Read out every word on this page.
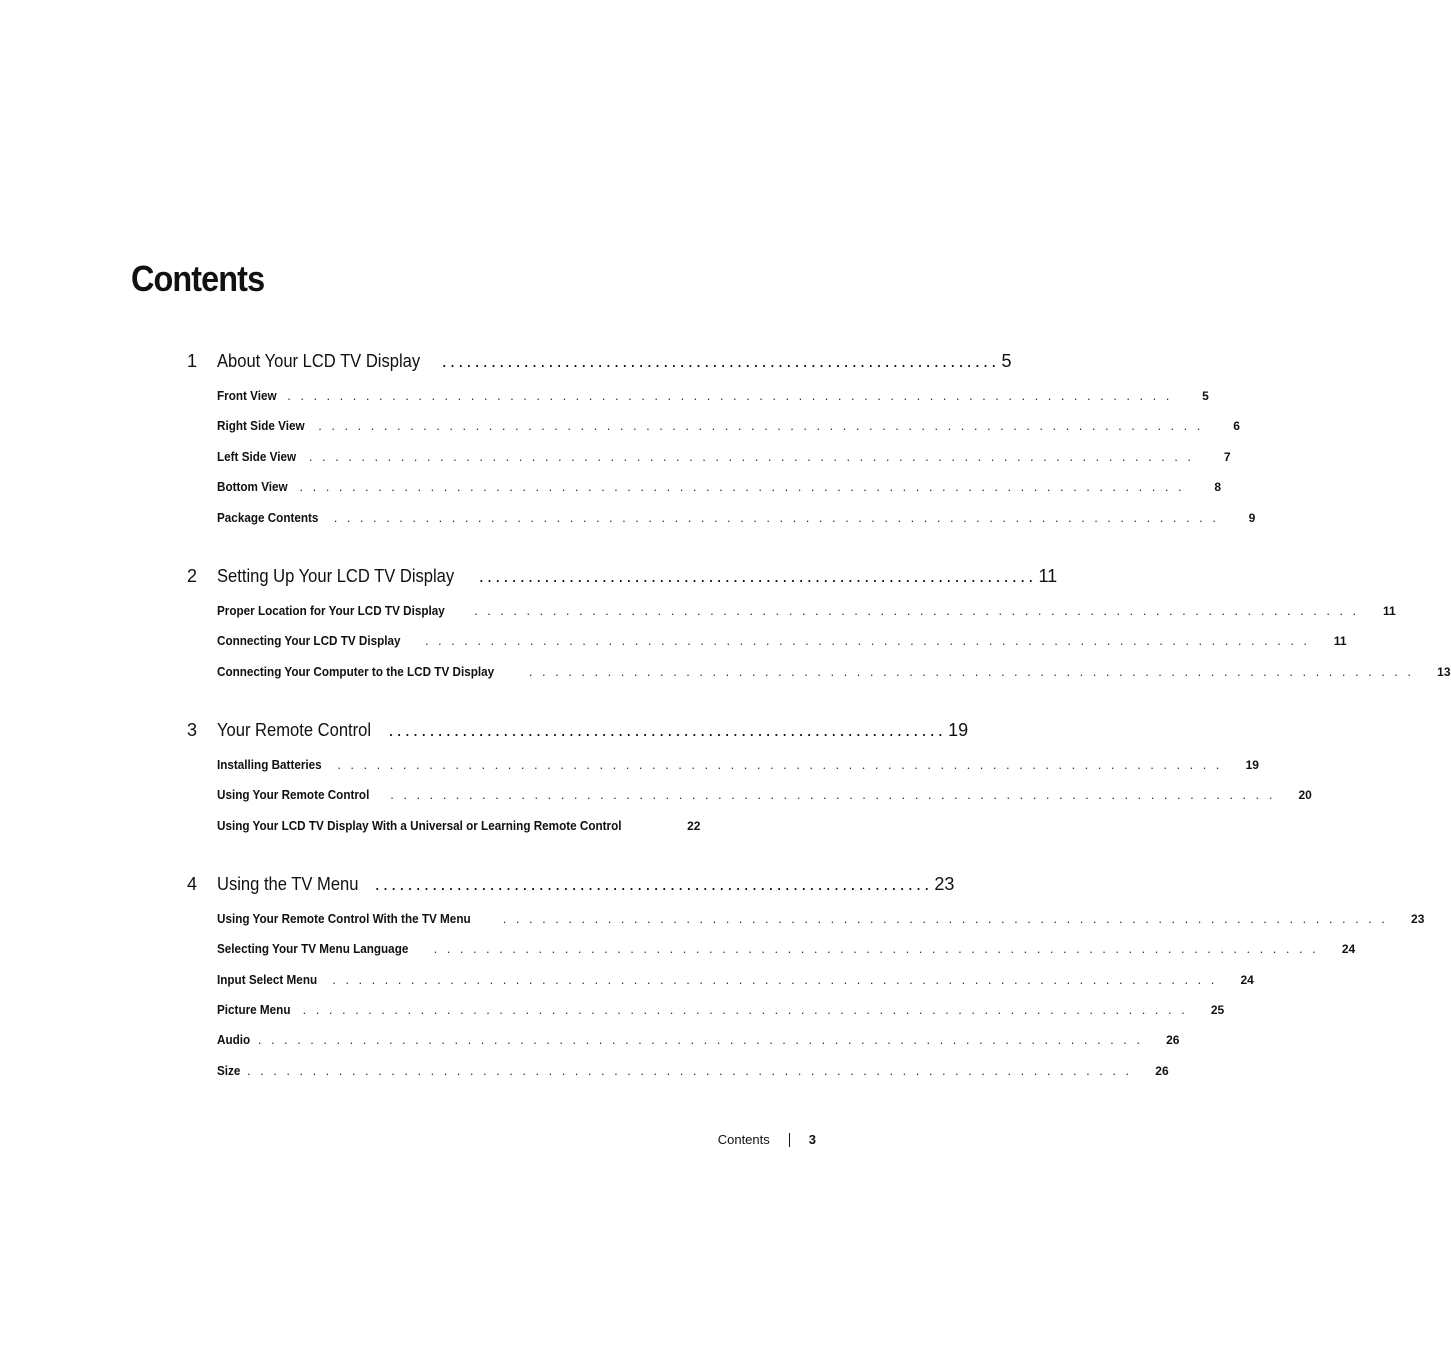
Contents
1	About Your LCD TV Display .................................................................... 5
Front View ....................................................................	5
Right Side View ....................................................................	6
Left Side View ....................................................................	7
Bottom View ....................................................................	8
Package Contents ....................................................................	9
2	Setting Up Your LCD TV Display .................................................................... 11
Proper Location for Your LCD TV Display ....................................................................	11
Connecting Your LCD TV Display ....................................................................	11
Connecting Your Computer to the LCD TV Display	....................................................................	13
3	Your Remote Control .................................................................... 19
Installing Batteries ....................................................................	19
Using Your Remote Control ....................................................................	20
Using Your LCD TV Display With a Universal or Learning Remote Control	22
4	Using the TV Menu .................................................................... 23
Using Your Remote Control With the TV Menu ....................................................................	23
Selecting Your TV Menu Language ....................................................................	24
Input Select Menu ....................................................................	24
Picture Menu ....................................................................	25
Audio ....................................................................	26
Size ....................................................................	26
Contents	3
